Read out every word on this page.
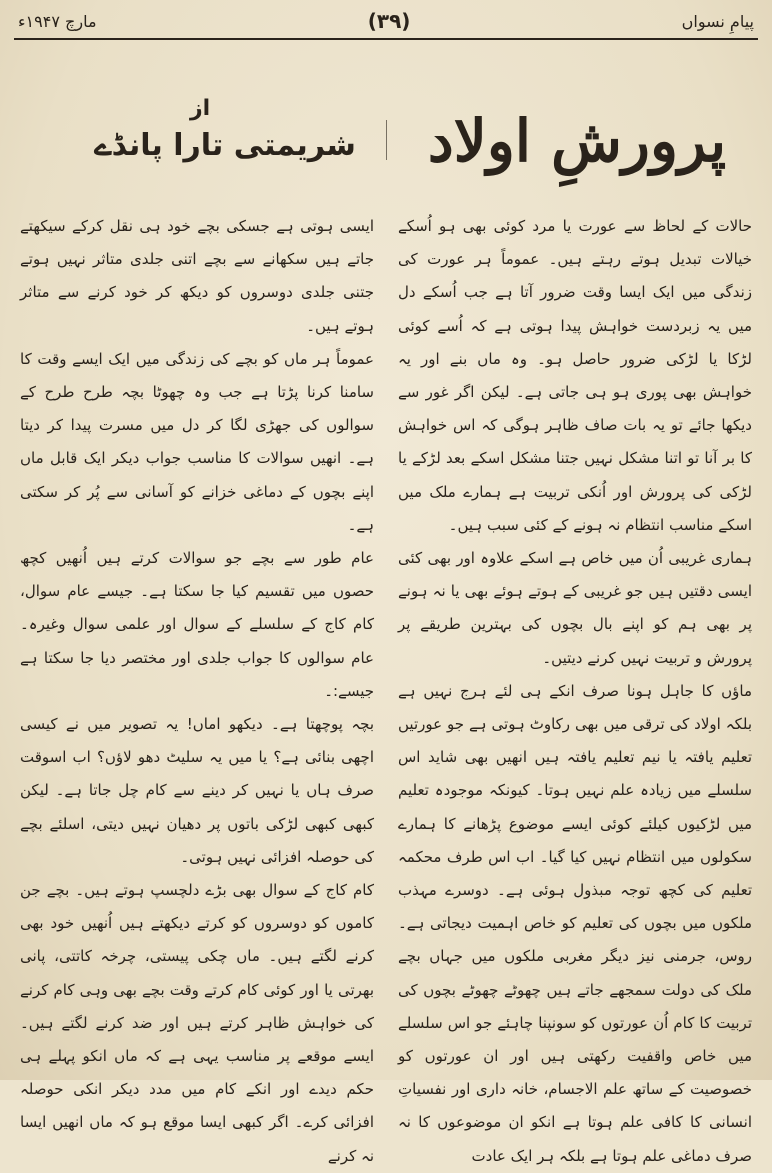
پیامِ نسواں
(۳۹)
مارچ ۱۹۴۷ء
پرورشِ اولاد
از
شریمتی تارا پانڈے

حالات کے لحاظ سے عورت یا مرد کوئی بھی ہو اُسکے خیالات تبدیل ہوتے رہتے ہیں۔ عموماً ہر عورت کی زندگی میں ایک ایسا وقت ضرور آتا ہے جب اُسکے دل میں یہ زبردست خواہش پیدا ہوتی ہے کہ اُسے کوئی لڑکا یا لڑکی ضرور حاصل ہو۔ وہ ماں بنے اور یہ خواہش بھی پوری ہو ہی جاتی ہے۔ لیکن اگر غور سے دیکھا جائے تو یہ بات صاف ظاہر ہوگی کہ اس خواہش کا بر آنا تو اتنا مشکل نہیں جتنا مشکل اسکے بعد لڑکے یا لڑکی کی پرورش اور اُنکی تربیت ہے ہمارے ملک میں اسکے مناسب انتظام نہ ہونے کے کئی سبب ہیں۔

ہماری غریبی اُن میں خاص ہے اسکے علاوہ اور بھی کئی ایسی دقتیں ہیں جو غریبی کے ہوتے ہوئے بھی یا نہ ہونے پر بھی ہم کو اپنے بال بچوں کی بہترین طریقے پر پرورش و تربیت نہیں کرنے دیتیں۔

ماؤں کا جاہل ہونا صرف انکے ہی لئے ہرج نہیں ہے بلکہ اولاد کی ترقی میں بھی رکاوٹ ہوتی ہے جو عورتیں تعلیم یافتہ یا نیم تعلیم یافتہ ہیں انھیں بھی شاید اس سلسلے میں زیادہ علم نہیں ہوتا۔ کیونکہ موجودہ تعلیم میں لڑکیوں کیلئے کوئی ایسے موضوع پڑھانے کا ہمارے سکولوں میں انتظام نہیں کیا گیا۔ اب اس طرف محکمہ تعلیم کی کچھ توجہ مبذول ہوئی ہے۔ دوسرے مہذب ملکوں میں بچوں کی تعلیم کو خاص اہمیت دیجاتی ہے۔ روس، جرمنی نیز دیگر مغربی ملکوں میں جہاں بچے ملک کی دولت سمجھے جاتے ہیں چھوٹے چھوٹے بچوں کی تربیت کا کام اُن عورتوں کو سونپنا چاہئے جو اس سلسلے میں خاص واقفیت رکھتی ہیں اور ان عورتوں کو خصوصیت کے ساتھ علم الاجسام، خانہ داری اور نفسیاتِ انسانی کا کافی علم ہوتا ہے انکو ان موضوعوں کا نہ صرف دماغی علم ہوتا ہے بلکہ ہر ایک عادت

ایسی ہوتی ہے جسکی بچے خود ہی نقل کرکے سیکھتے جاتے ہیں سکھانے سے بچے اتنی جلدی متاثر نہیں ہوتے جتنی جلدی دوسروں کو دیکھ کر خود کرنے سے متاثر ہوتے ہیں۔

عموماً ہر ماں کو بچے کی زندگی میں ایک ایسے وقت کا سامنا کرنا پڑتا ہے جب وہ چھوٹا بچہ طرح طرح کے سوالوں کی جھڑی لگا کر دل میں مسرت پیدا کر دیتا ہے۔ انھیں سوالات کا مناسب جواب دیکر ایک قابل ماں اپنے بچوں کے دماغی خزانے کو آسانی سے پُر کر سکتی ہے۔

عام طور سے بچے جو سوالات کرتے ہیں اُنھیں کچھ حصوں میں تقسیم کیا جا سکتا ہے۔ جیسے عام سوال، کام کاج کے سلسلے کے سوال اور علمی سوال وغیرہ۔ عام سوالوں کا جواب جلدی اور مختصر دیا جا سکتا ہے جیسے:۔

بچہ پوچھتا ہے۔ دیکھو اماں! یہ تصویر میں نے کیسی اچھی بنائی ہے؟ یا میں یہ سلیٹ دھو لاؤں؟ اب اسوقت صرف ہاں یا نہیں کر دینے سے کام چل جاتا ہے۔ لیکن کبھی کبھی لڑکی باتوں پر دھیان نہیں دیتی، اسلئے بچے کی حوصلہ افزائی نہیں ہوتی۔

کام کاج کے سوال بھی بڑے دلچسپ ہوتے ہیں۔ بچے جن کاموں کو دوسروں کو کرتے دیکھتے ہیں اُنھیں خود بھی کرنے لگتے ہیں۔ ماں چکی پیستی، چرخہ کاتتی، پانی بھرتی یا اور کوئی کام کرتے وقت بچے بھی وہی کام کرنے کی خواہش ظاہر کرتے ہیں اور ضد کرنے لگتے ہیں۔ ایسے موقعے پر مناسب یہی ہے کہ ماں انکو پہلے ہی حکم دیدے اور انکے کام میں مدد دیکر انکی حوصلہ افزائی کرے۔ اگر کبھی ایسا موقع ہو کہ ماں انھیں ایسا نہ کرنے
